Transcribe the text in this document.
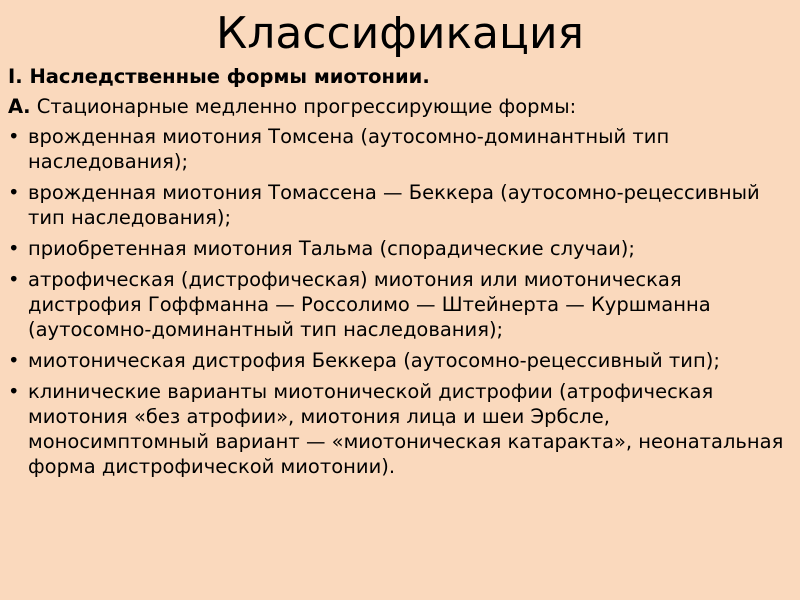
Классификация
I. Наследственные формы миотонии.
А. Стационарные медленно прогрессирующие формы:
• врожденная миотония Томсена (аутосомно-доминантный тип наследования);
• врожденная миотония Томассена — Беккера (аутосомно-рецессивный тип наследования);
• приобретенная миотония Тальма (спорадические случаи);
• атрофическая (дистрофическая) миотония или миотоническая дистрофия Гоффманна — Россолимо — Штейнерта — Куршманна (аутосомно-доминантный тип наследования);
• миотоническая дистрофия Беккера (аутосомно-рецессивный тип);
• клинические варианты миотонической дистрофии (атрофическая миотония «без атрофии», миотония лица и шеи Эрбсле, моносимптомный вариант — «миотоническая катаракта», неонатальная форма дистрофической миотонии).
